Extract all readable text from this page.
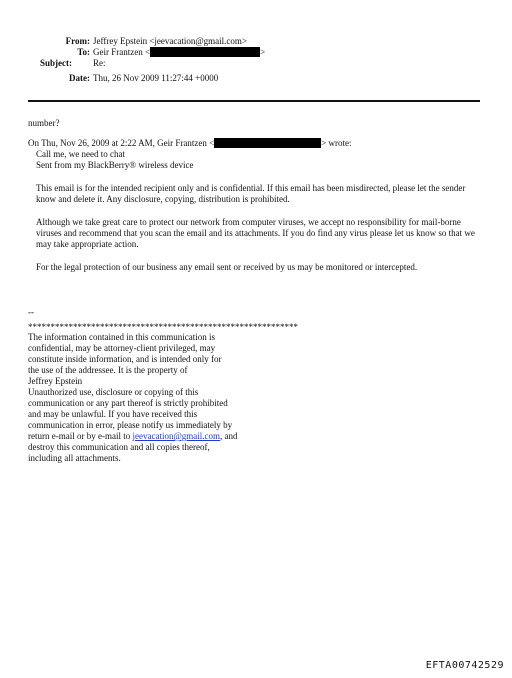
From: Jeffrey Epstein <jeevacation@gmail.com>
To: Geir Frantzen <	>
Subject:	Re:
Date: Thu, 26 Nov 2009 11:27:44 +0000
number?
On Thu, Nov 26, 2009 at 2:22 AM, Geir Frantzen <	> wrote:
Call me, we need to chat
Sent from my BlackBerry® wireless device
This email is for the intended recipient only and is confidential. If this email has been misdirected, please let the sender know and delete it. Any disclosure, copying, distribution is prohibited.
Although we take great care to protect our network from computer viruses, we accept no responsibility for mail-borne viruses and recommend that you scan the email and its attachments. If you do find any virus please let us know so that we may take appropriate action.
For the legal protection of our business any email sent or received by us may be monitored or intercepted.
--
************************************************************
The information contained in this communication is
confidential, may be attorney-client privileged, may
constitute inside information, and is intended only for
the use of the addressee. It is the property of
Jeffrey Epstein
Unauthorized use, disclosure or copying of this
communication or any part thereof is strictly prohibited
and may be unlawful. If you have received this
communication in error, please notify us immediately by
return e-mail or by e-mail to jeevacation@gmail.com, and
destroy this communication and all copies thereof,
including all attachments.
EFTA00742529
